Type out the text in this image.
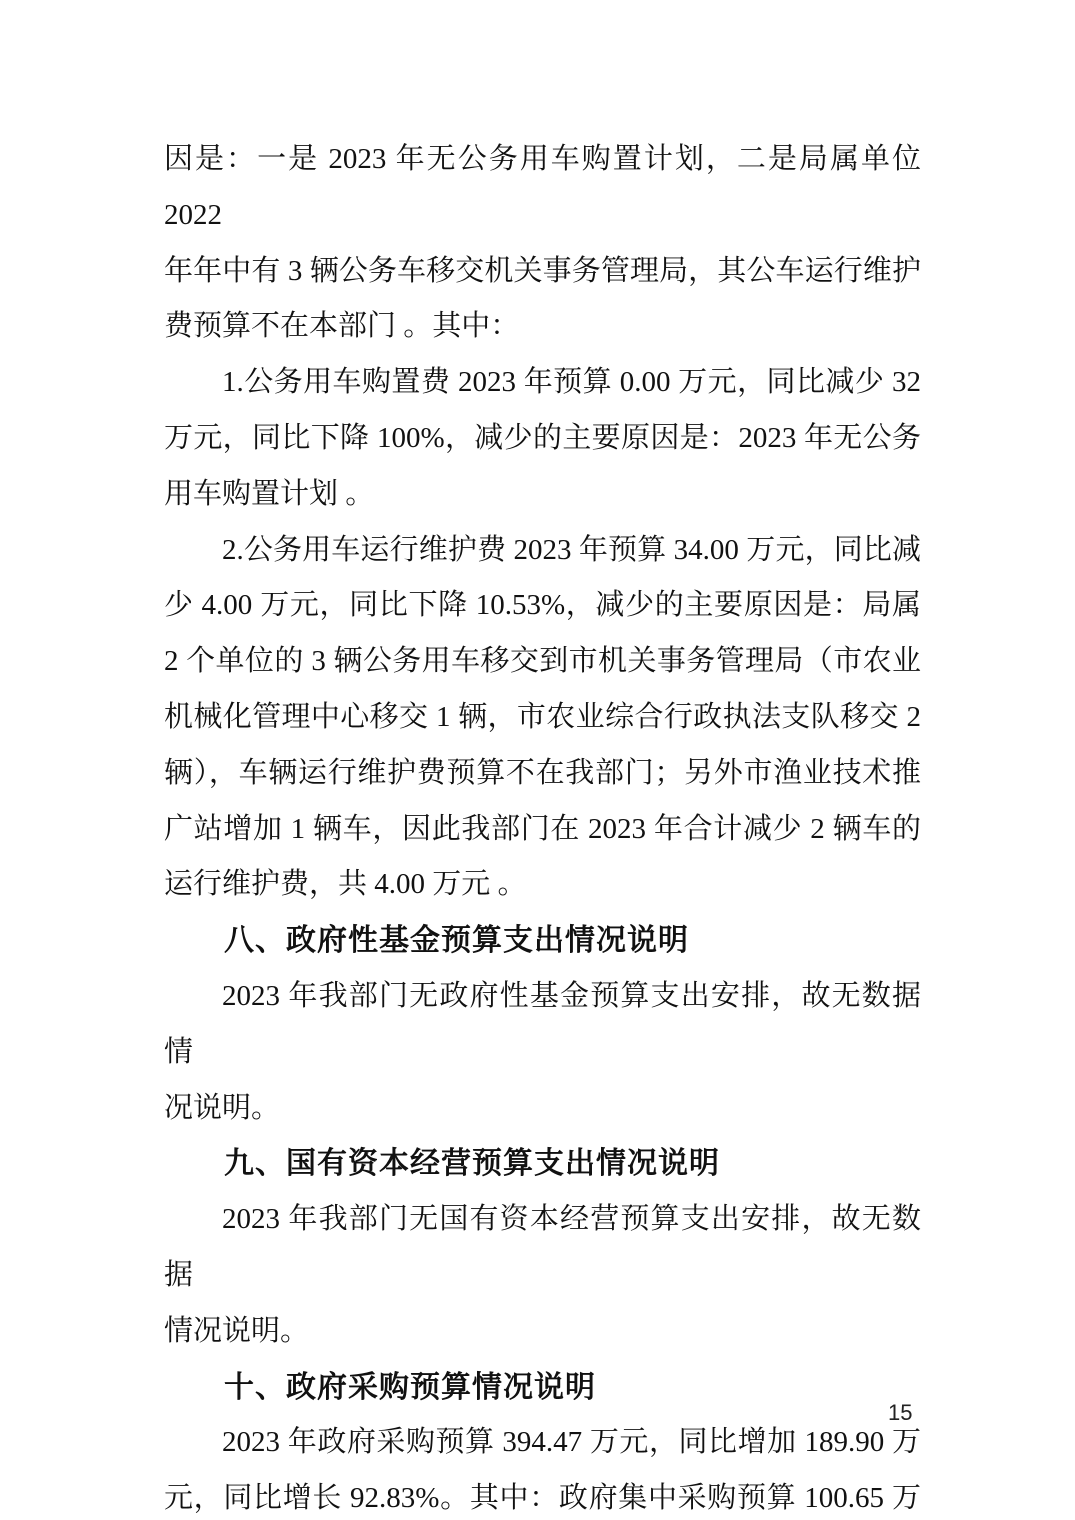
因是：一是 2023 年无公务用车购置计划，二是局属单位 2022
年年中有 3 辆公务车移交机关事务管理局，其公车运行维护
费预算不在本部门 。其中：
1.公务用车购置费 2023 年预算 0.00 万元，同比减少 32
万元，同比下降 100%，减少的主要原因是：2023 年无公务
用车购置计划 。
2.公务用车运行维护费 2023 年预算 34.00 万元，同比减
少 4.00 万元，同比下降 10.53%，减少的主要原因是：局属
2 个单位的 3 辆公务用车移交到市机关事务管理局（市农业
机械化管理中心移交 1 辆，市农业综合行政执法支队移交 2
辆），车辆运行维护费预算不在我部门；另外市渔业技术推
广站增加 1 辆车，因此我部门在 2023 年合计减少 2 辆车的
运行维护费，共 4.00 万元 。
八、政府性基金预算支出情况说明
2023 年我部门无政府性基金预算支出安排，故无数据情
况说明。
九、国有资本经营预算支出情况说明
2023 年我部门无国有资本经营预算支出安排，故无数据
情况说明。
十、政府采购预算情况说明
2023 年政府采购预算 394.47 万元，同比增加 189.90 万
元，同比增长 92.83%。其中：政府集中采购预算 100.65 万
15
